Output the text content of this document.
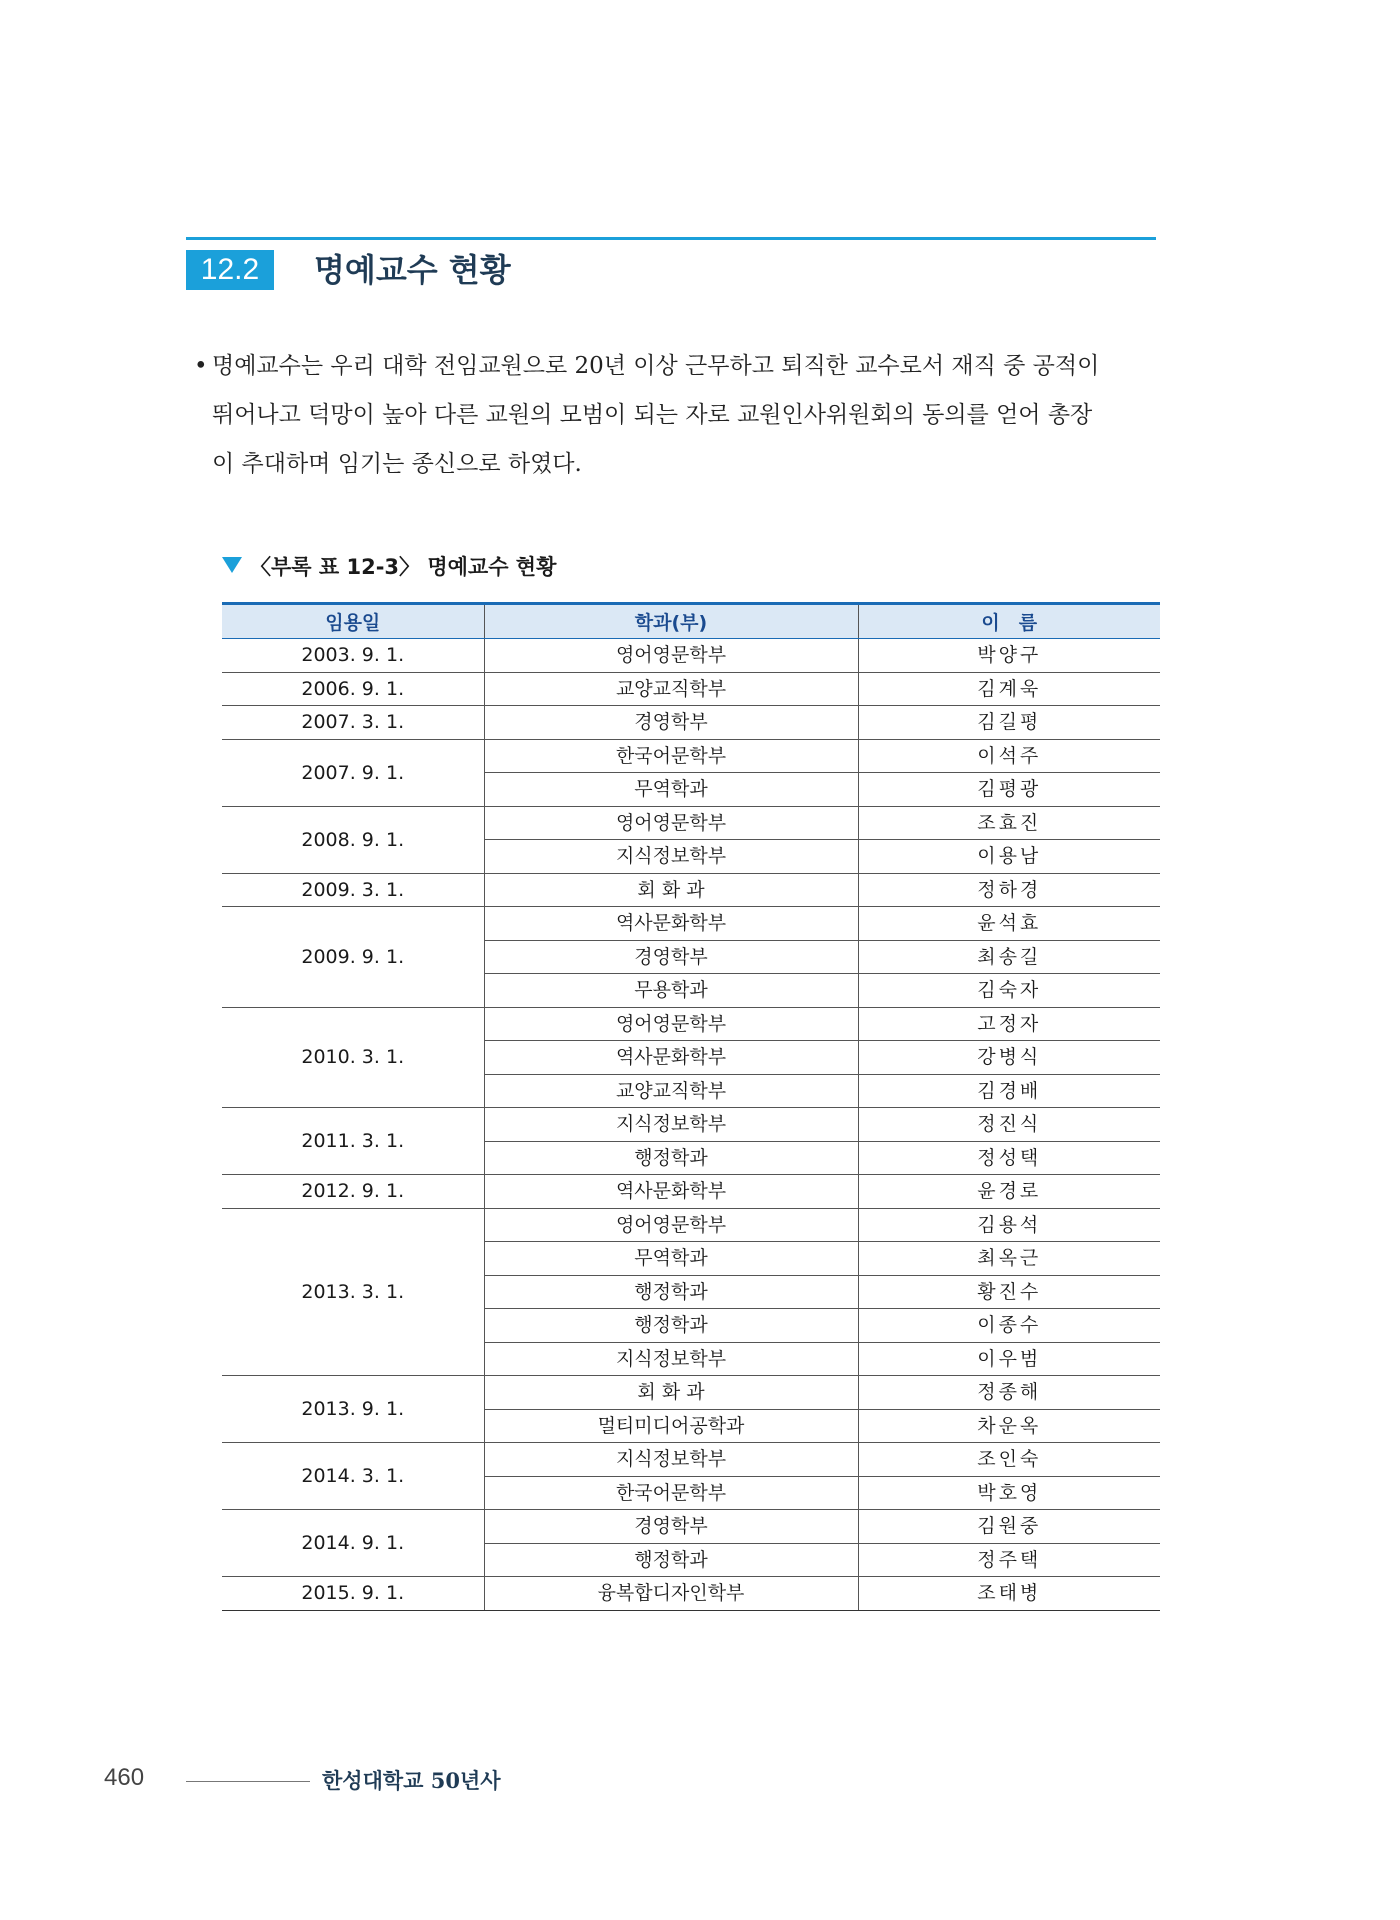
12.2	명예교수 현황
• 명예교수는 우리 대학 전임교원으로 20년 이상 근무하고 퇴직한 교수로서 재직 중 공적이
뛰어나고 덕망이 높아 다른 교원의 모범이 되는 자로 교원인사위원회의 동의를 얻어 총장
이 추대하며 임기는 종신으로 하였다.
〈부록 표 12-3〉 명예교수 현황
임용일	학과(부)	이　름
2003. 9. 1.	영어영문학부	박양구
2006. 9. 1.	교양교직학부	김계욱
2007. 3. 1.	경영학부	김길평
2007. 9. 1.	한국어문학부	이석주
	무역학과	김평광
2008. 9. 1.	영어영문학부	조효진
	지식정보학부	이용남
2009. 3. 1.	회 화 과	정하경
2009. 9. 1.	역사문화학부	윤석효
	경영학부	최송길
	무용학과	김숙자
2010. 3. 1.	영어영문학부	고정자
	역사문화학부	강병식
	교양교직학부	김경배
2011. 3. 1.	지식정보학부	정진식
	행정학과	정성택
2012. 9. 1.	역사문화학부	윤경로
2013. 3. 1.	영어영문학부	김용석
	무역학과	최옥근
	행정학과	황진수
	행정학과	이종수
	지식정보학부	이우범
2013. 9. 1.	회 화 과	정종해
	멀티미디어공학과	차운옥
2014. 3. 1.	지식정보학부	조인숙
	한국어문학부	박호영
2014. 9. 1.	경영학부	김원중
	행정학과	정주택
2015. 9. 1.	융복합디자인학부	조태병
460	한성대학교 50년사
